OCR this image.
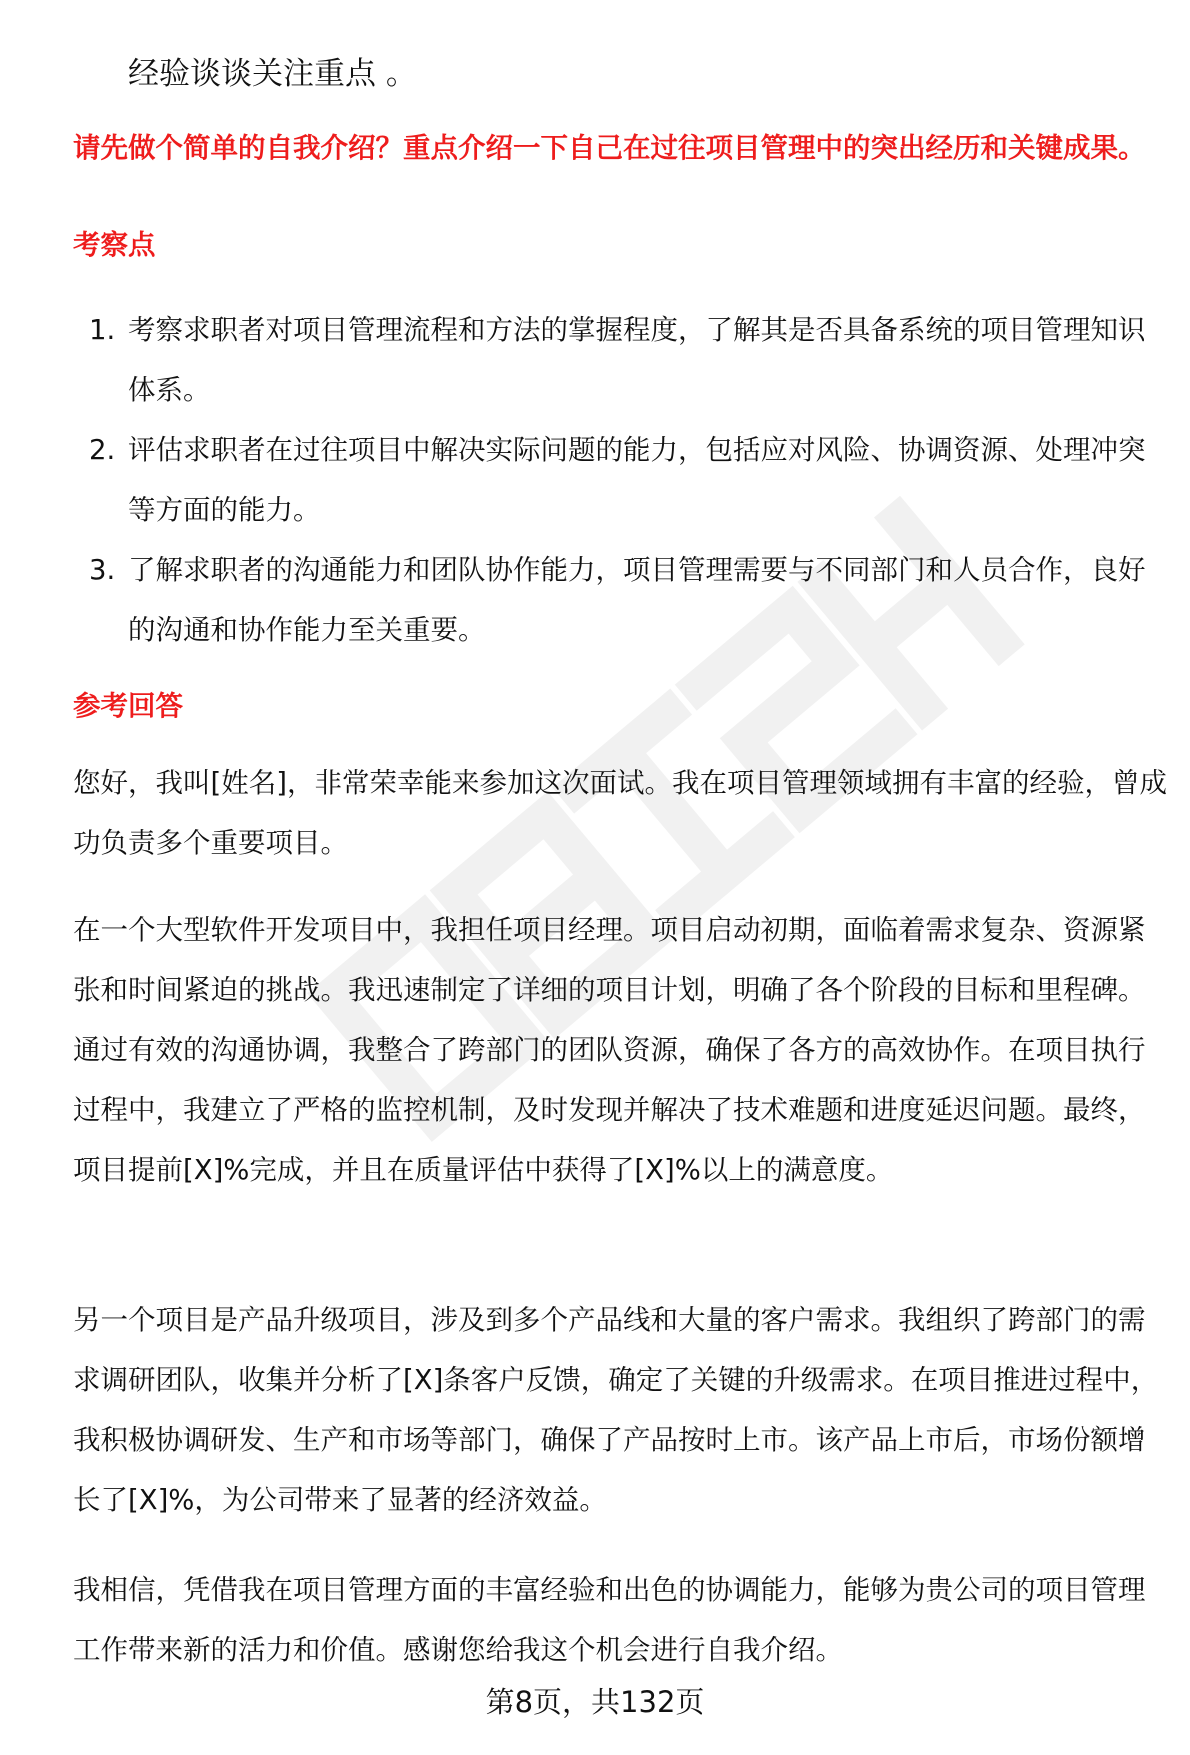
经验谈谈关注重点 。

请先做个简单的自我介绍？重点介绍一下自己在过往项目管理中的突出经历和关键成果。

考察点
1. 考察求职者对项目管理流程和方法的掌握程度，了解其是否具备系统的项目管理知识体系。
2. 评估求职者在过往项目中解决实际问题的能力，包括应对风险、协调资源、处理冲突等方面的能力。
3. 了解求职者的沟通能力和团队协作能力，项目管理需要与不同部门和人员合作，良好的沟通和协作能力至关重要。
参考回答

您好，我叫[姓名]，非常荣幸能来参加这次面试。我在项目管理领域拥有丰富的经验，曾成功负责多个重要项目。

在一个大型软件开发项目中，我担任项目经理。项目启动初期，面临着需求复杂、资源紧张和时间紧迫的挑战。我迅速制定了详细的项目计划，明确了各个阶段的目标和里程碑。通过有效的沟通协调，我整合了跨部门的团队资源，确保了各方的高效协作。在项目执行过程中，我建立了严格的监控机制，及时发现并解决了技术难题和进度延迟问题。最终，项目提前[X]%完成，并且在质量评估中获得了[X]%以上的满意度。

另一个项目是产品升级项目，涉及到多个产品线和大量的客户需求。我组织了跨部门的需求调研团队，收集并分析了[X]条客户反馈，确定了关键的升级需求。在项目推进过程中，我积极协调研发、生产和市场等部门，确保了产品按时上市。该产品上市后，市场份额增长了[X]%，为公司带来了显著的经济效益。

我相信，凭借我在项目管理方面的丰富经验和出色的协调能力，能够为贵公司的项目管理工作带来新的活力和价值。感谢您给我这个机会进行自我介绍。

第8页，共132页
